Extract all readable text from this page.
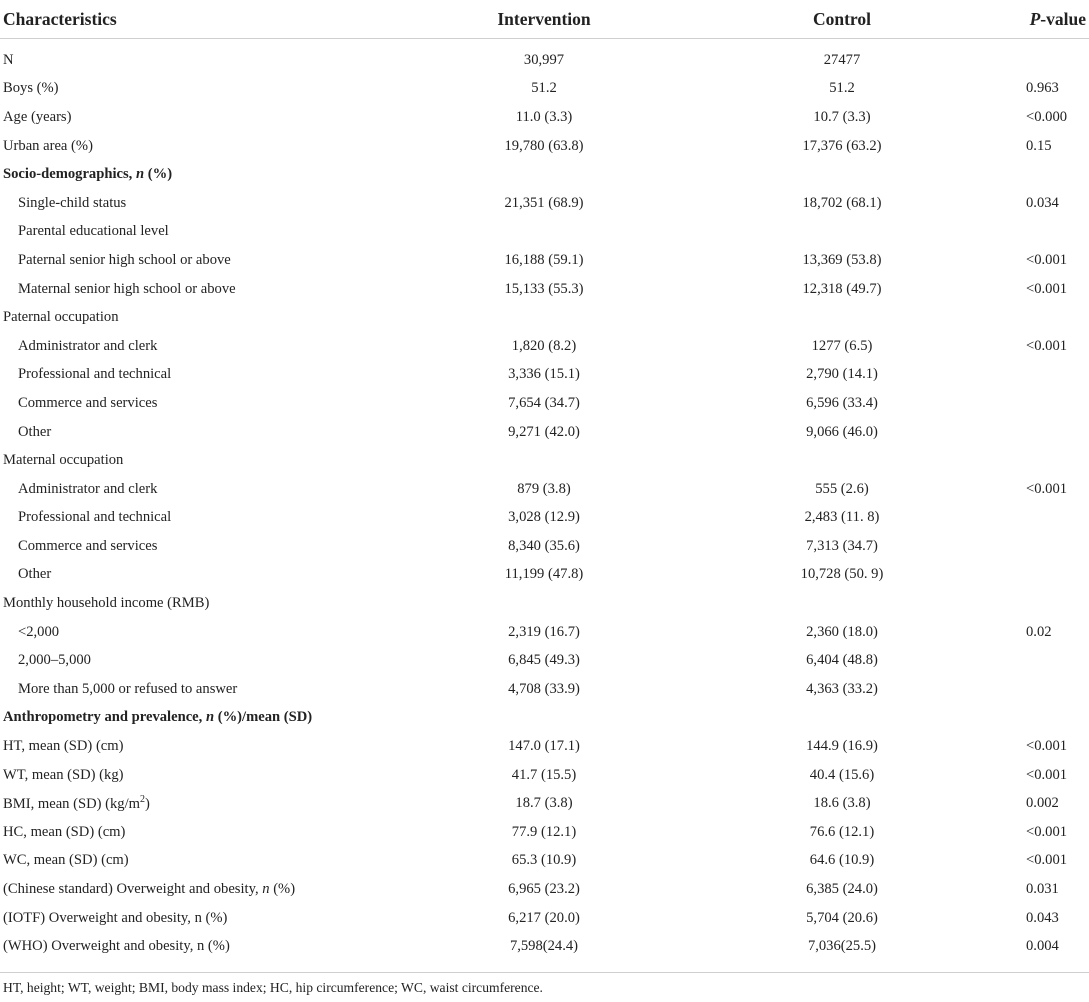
Characteristics	Intervention	Control	P-value
N	30,997	27477	
Boys (%)	51.2	51.2	0.963
Age (years)	11.0 (3.3)	10.7 (3.3)	<0.000
Urban area (%)	19,780 (63.8)	17,376 (63.2)	0.15
Socio-demographics, n (%)			
Single-child status	21,351 (68.9)	18,702 (68.1)	0.034
Parental educational level			
Paternal senior high school or above	16,188 (59.1)	13,369 (53.8)	<0.001
Maternal senior high school or above	15,133 (55.3)	12,318 (49.7)	<0.001
Paternal occupation			
Administrator and clerk	1,820 (8.2)	1277 (6.5)	<0.001
Professional and technical	3,336 (15.1)	2,790 (14.1)	
Commerce and services	7,654 (34.7)	6,596 (33.4)	
Other	9,271 (42.0)	9,066 (46.0)	
Maternal occupation			
Administrator and clerk	879 (3.8)	555 (2.6)	<0.001
Professional and technical	3,028 (12.9)	2,483 (11. 8)	
Commerce and services	8,340 (35.6)	7,313 (34.7)	
Other	11,199 (47.8)	10,728 (50. 9)	
Monthly household income (RMB)			
<2,000	2,319 (16.7)	2,360 (18.0)	0.02
2,000–5,000	6,845 (49.3)	6,404 (48.8)	
More than 5,000 or refused to answer	4,708 (33.9)	4,363 (33.2)	
Anthropometry and prevalence, n (%)/mean (SD)			
HT, mean (SD) (cm)	147.0 (17.1)	144.9 (16.9)	<0.001
WT, mean (SD) (kg)	41.7 (15.5)	40.4 (15.6)	<0.001
BMI, mean (SD) $(kg/m^2)$	18.7 (3.8)	18.6 (3.8)	0.002
HC, mean (SD) (cm)	77.9 (12.1)	76.6 (12.1)	<0.001
WC, mean (SD) (cm)	65.3 (10.9)	64.6 (10.9)	<0.001
(Chinese standard) Overweight and obesity, n (%)	6,965 (23.2)	6,385 (24.0)	0.031
(IOTF) Overweight and obesity, n (%)	6,217 (20.0)	5,704 (20.6)	0.043
(WHO) Overweight and obesity, n (%)	7,598(24.4)	7,036(25.5)	0.004
HT, height; WT, weight; BMI, body mass index; HC, hip circumference; WC, waist circumference.
